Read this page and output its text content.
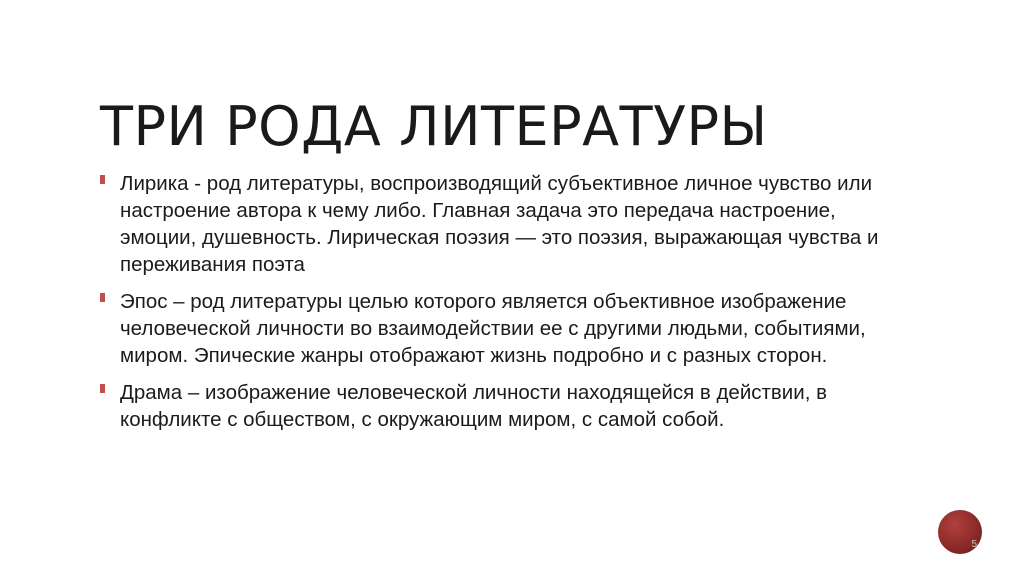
ТРИ РОДА ЛИТЕРАТУРЫ
Лирика - род литературы, воспроизводящий субъективное личное чувство или настроение автора к чему либо. Главная задача это передача настроение, эмоции, душевность. Лирическая поэзия — это поэзия, выражающая чувства и переживания поэта
Эпос – род литературы целью которого является объективное изображение человеческой личности во взаимодействии ее с другими людьми, событиями, миром. Эпические жанры отображают жизнь подробно и с разных сторон.
Драма – изображение человеческой личности находящейся в действии, в конфликте с обществом, с окружающим миром, с самой собой.
5
